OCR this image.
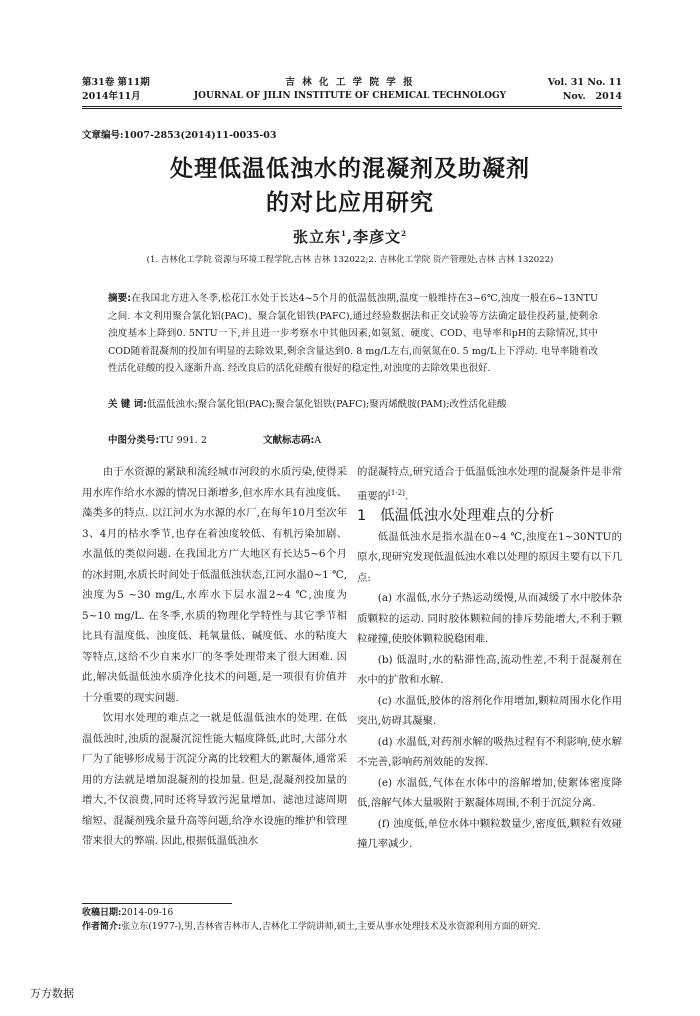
第31卷 第11期
2014年11月
吉 林 化 工 学 院 学 报
JOURNAL OF JILIN INSTITUTE OF CHEMICAL TECHNOLOGY
Vol. 31 No. 11
Nov.   2014
文章编号:1007-2853(2014)11-0035-03
处理低温低浊水的混凝剂及助凝剂
的对比应用研究
张立东$^1$,李彦文$^2$
(1. 吉林化工学院 资源与环境工程学院,吉林 吉林 132022;2. 吉林化工学院 资产管理处,吉林 吉林 132022)
摘要:在我国北方进入冬季,松花江水处于长达4~5个月的低温低浊期,温度一般维持在3~6℃,浊度一般在6~13NTU之间. 本文利用聚合氯化铝(PAC)、聚合氯化铝铁(PAFC),通过经验数据法和正交试验等方法确定最佳投药量,使剩余浊度基本上降到0. 5NTU一下,并且进一步考察水中其他因素,如氨氮、硬度、COD、电导率和pH的去除情况,其中COD随着混凝剂的投加有明显的去除效果,剩余含量达到0. 8 mg/L左右,而氨氮在0. 5 mg/L上下浮动. 电导率随着改性活化硅酸的投入逐渐升高. 经改良后的活化硅酸有很好的稳定性,对浊度的去除效果也很好.
关 键 词:低温低浊水;聚合氯化铝(PAC);聚合氯化铝铁(PAFC);聚丙烯酰胺(PAM);改性活化硅酸
中图分类号:TU 991. 2	文献标志码:A

由于水资源的紧缺和流经城市河段的水质污染,使得采用水库作给水水源的情况日渐增多,但水库水具有浊度低、藻类多的特点. 以江河水为水源的水厂,在每年10月至次年3、4月的枯水季节,也存在着浊度较低、有机污染加剧、水温低的类似问题. 在我国北方广大地区有长达5~6个月的冰封期,水质长时间处于低温低浊状态,江河水温0~1 ℃,浊度为5 ~30 mg/L,水库水下层水温2~4 ℃,浊度为5~10 mg/L. 在冬季,水质的物理化学特性与其它季节相比具有温度低、浊度低、耗氧量低、碱度低、水的粘度大等特点,这给不少自来水厂的冬季处理带来了很大困难. 因此,解决低温低浊水质净化技术的问题,是一项很有价值并十分重要的现实问题.

饮用水处理的难点之一就是低温低浊水的处理. 在低温低浊时,浊质的混凝沉淀性能大幅度降低,此时,大部分水厂为了能够形成易于沉淀分离的比较粗大的絮凝体,通常采用的方法就是增加混凝剂的投加量. 但是,混凝剂投加量的增大,不仅浪费,同时还将导致污泥量增加、滤池过滤周期缩短、混凝剂残余量升高等问题,给净水设施的维护和管理带来很大的弊端. 因此,根据低温低浊水

的混凝特点,研究适合于低温低浊水处理的混凝条件是非常重要的[1-2].

1 低温低浊水处理难点的分析

低温低浊水是指水温在0~4 ℃,浊度在1~30NTU的原水,现研究发现低温低浊水难以处理的原因主要有以下几点:

(a) 水温低,水分子热运动缓慢,从而减缓了水中胶体杂质颗粒的运动. 同时胶体颗粒间的排斥势能增大,不利于颗粒碰撞,使胶体颗粒脱稳困难.

(b) 低温时,水的粘滞性高,流动性差,不利于混凝剂在水中的扩散和水解.

(c) 水温低,胶体的溶剂化作用增加,颗粒周围水化作用突出,妨碍其凝聚.

(d) 水温低,对药剂水解的吸热过程有不利影响,使水解不完善,影响药剂效能的发挥.

(e) 水温低,气体在水体中的溶解增加,使絮体密度降低,溶解气体大量吸附于絮凝体周围,不利于沉淀分离.

(f) 浊度低,单位水体中颗粒数量少,密度低,颗粒有效碰撞几率减少.

收稿日期:2014-09-16
作者简介:张立东(1977-),男,吉林省吉林市人,吉林化工学院讲师,硕士,主要从事水处理技术及水资源利用方面的研究.
万方数据
